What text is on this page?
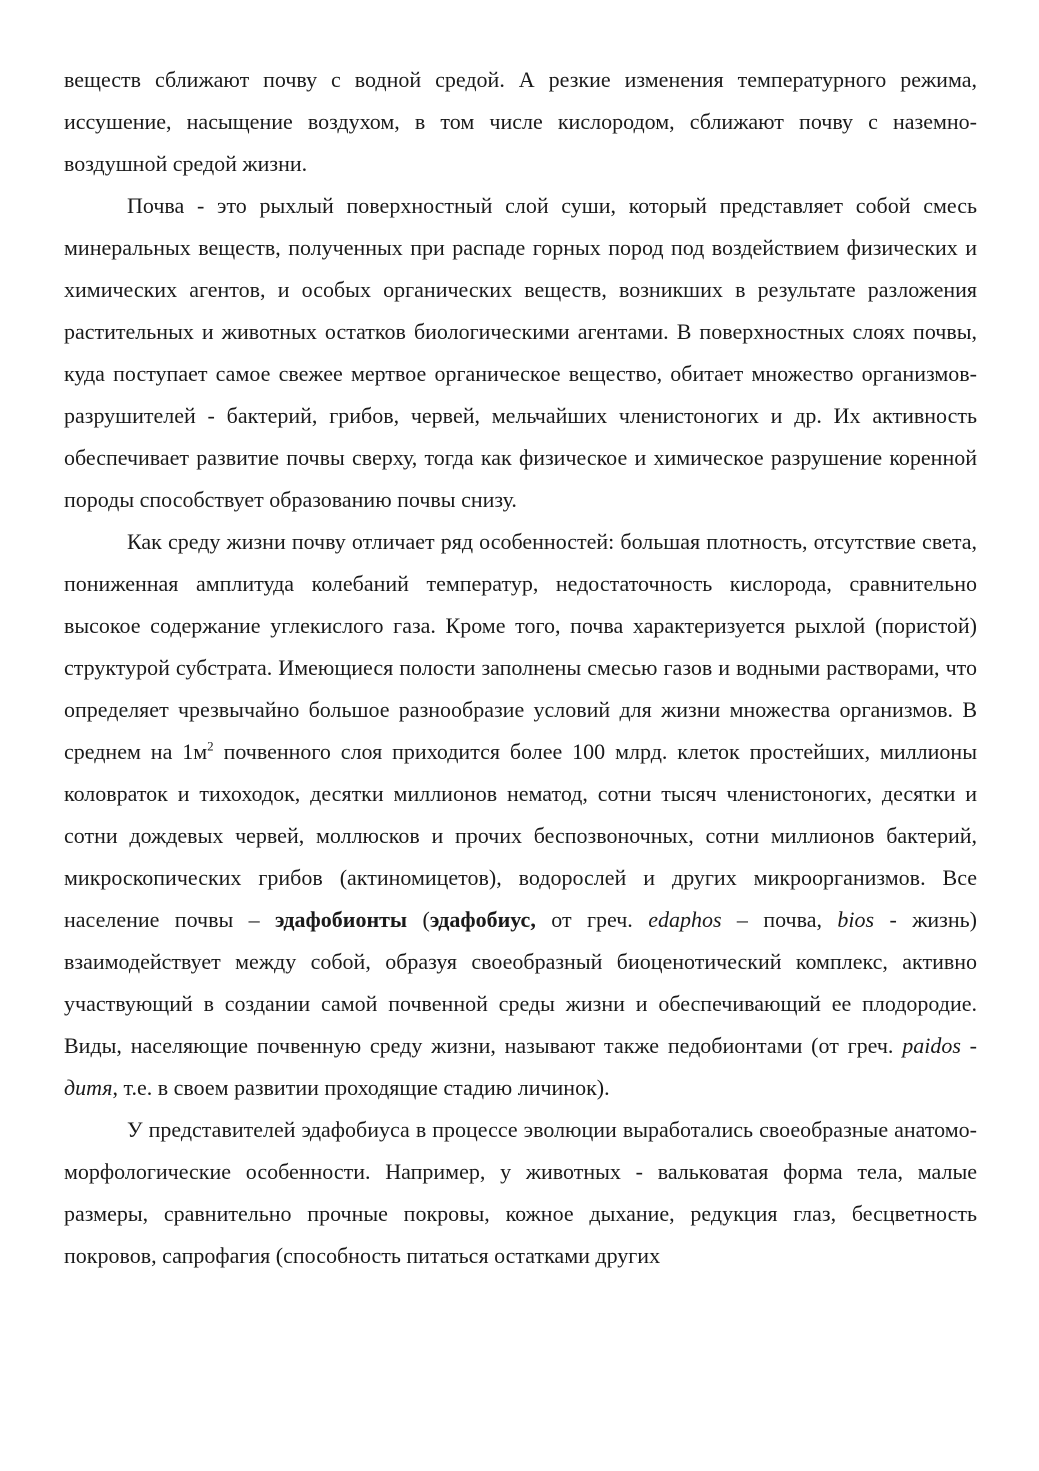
веществ сближают почву с водной средой. А резкие изменения температурного режима, иссушение, насыщение воздухом, в том числе кислородом, сближают почву с наземно-воздушной средой жизни.

Почва - это рыхлый поверхностный слой суши, который представляет собой смесь минеральных веществ, полученных при распаде горных пород под воздействием физических и химических агентов, и особых органических веществ, возникших в результате разложения растительных и животных остатков биологическими агентами. В поверхностных слоях почвы, куда поступает самое свежее мертвое органическое вещество, обитает множество организмов-разрушителей - бактерий, грибов, червей, мельчайших членистоногих и др. Их активность обеспечивает развитие почвы сверху, тогда как физическое и химическое разрушение коренной породы способствует образованию почвы снизу.

Как среду жизни почву отличает ряд особенностей: большая плотность, отсутствие света, пониженная амплитуда колебаний температур, недостаточность кислорода, сравнительно высокое содержание углекислого газа. Кроме того, почва характеризуется рыхлой (пористой) структурой субстрата. Имеющиеся полости заполнены смесью газов и водными растворами, что определяет чрезвычайно большое разнообразие условий для жизни множества организмов. В среднем на $1м^2$ почвенного слоя приходится более 100 млрд. клеток простейших, миллионы коловраток и тихоходок, десятки миллионов нематод, сотни тысяч членистоногих, десятки и сотни дождевых червей, моллюсков и прочих беспозвоночных, сотни миллионов бактерий, микроскопических грибов (актиномицетов), водорослей и других микроорганизмов. Все население почвы – эдафобионты (эдафобиус, от греч. edaphos – почва, bios - жизнь) взаимодействует между собой, образуя своеобразный биоценотический комплекс, активно участвующий в создании самой почвенной среды жизни и обеспечивающий ее плодородие. Виды, населяющие почвенную среду жизни, называют также педобионтами (от греч. paidos - дитя, т.е. в своем развитии проходящие стадию личинок).

У представителей эдафобиуса в процессе эволюции выработались своеобразные анатомо-морфологические особенности. Например, у животных - вальковатая форма тела, малые размеры, сравнительно прочные покровы, кожное дыхание, редукция глаз, бесцветность покровов, сапрофагия (способность питаться остатками других
